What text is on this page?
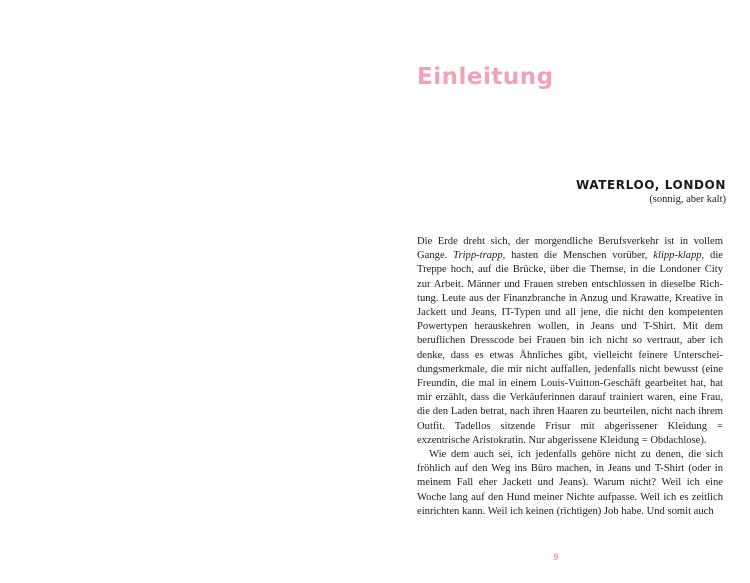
Einleitung
WATERLOO, LONDON

(sonnig, aber kalt)

Die Erde dreht sich, der morgendliche Berufsverkehr ist in vollem Gange. Tripp-trapp, hasten die Menschen vorüber, klipp-klapp, die Treppe hoch, auf die Brücke, über die Themse, in die Londoner City zur Arbeit. Männer und Frauen streben entschlossen in dieselbe Richtung. Leute aus der Finanzbranche in Anzug und Krawatte, Kreative in Jackett und Jeans, IT-Typen und all jene, die nicht den kompetenten Powertypen herauskehren wollen, in Jeans und T-Shirt. Mit dem beruflichen Dresscode bei Frauen bin ich nicht so vertraut, aber ich denke, dass es etwas Ähnliches gibt, vielleicht feinere Unterscheidungsmerkmale, die mir nicht auffallen, jedenfalls nicht bewusst (eine Freundin, die mal in einem Louis-Vuitton-Geschäft gearbeitet hat, hat mir erzählt, dass die Verkäuferinnen darauf trainiert waren, eine Frau, die den Laden betrat, nach ihren Haaren zu beurteilen, nicht nach ihrem Outfit. Tadellos sitzende Frisur mit abgerissener Kleidung = exzentrische Aristokratin. Nur abgerissene Kleidung = Obdachlose).

Wie dem auch sei, ich jedenfalls gehöre nicht zu denen, die sich fröhlich auf den Weg ins Büro machen, in Jeans und T-Shirt (oder in meinem Fall eher Jackett und Jeans). Warum nicht? Weil ich eine Woche lang auf den Hund meiner Nichte aufpasse. Weil ich es zeitlich einrichten kann. Weil ich keinen (richtigen) Job habe. Und somit auch

9
